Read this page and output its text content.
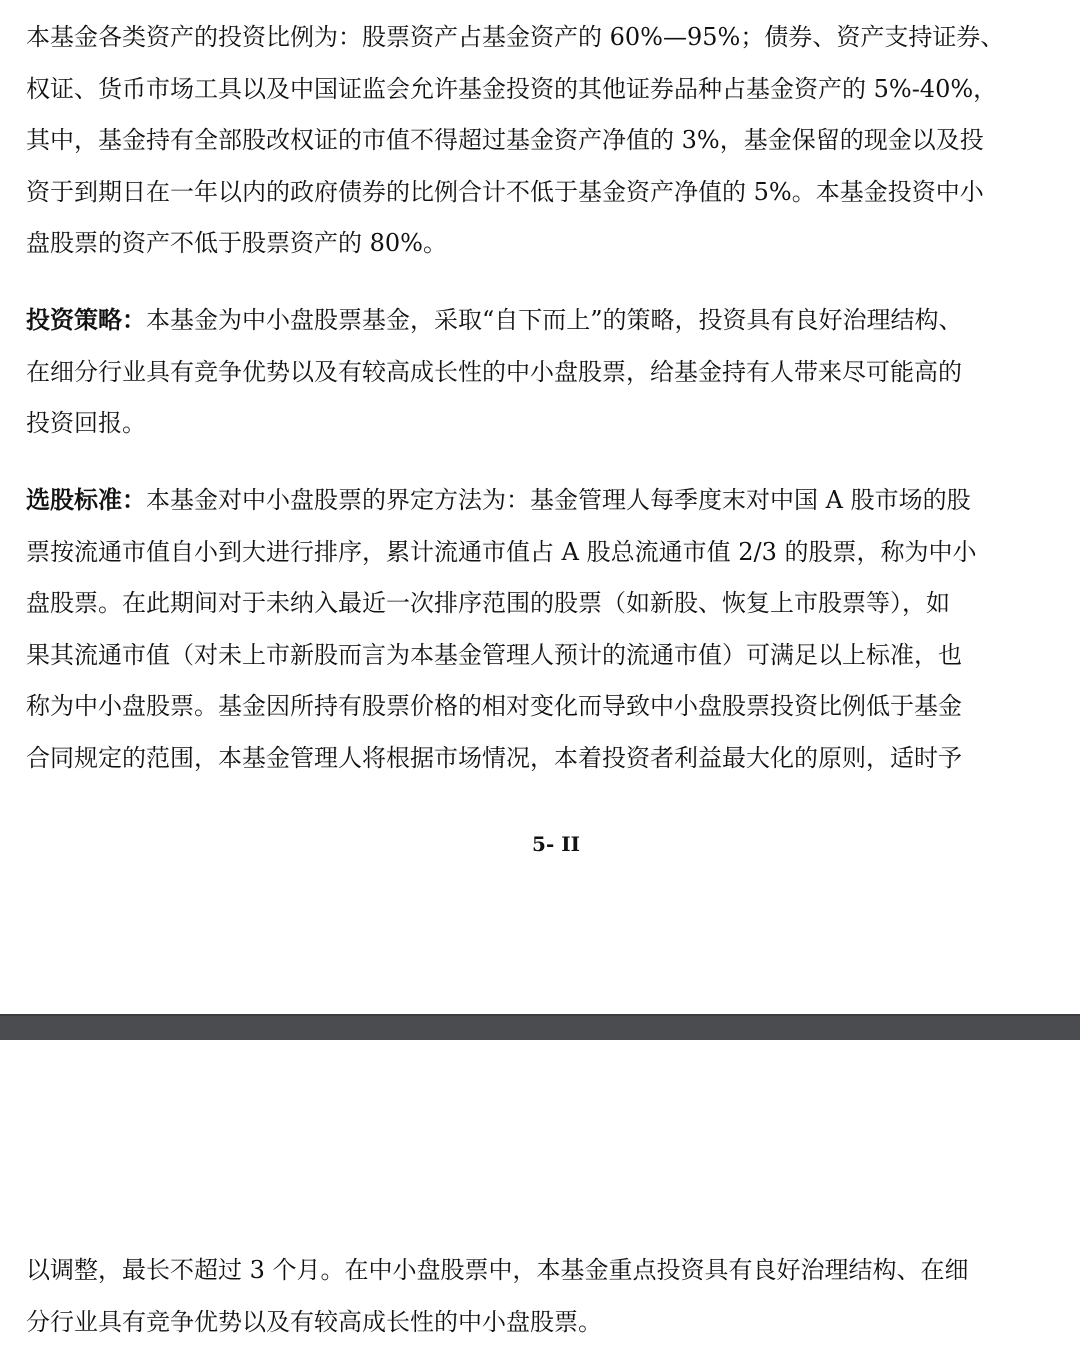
本基金各类资产的投资比例为：股票资产占基金资产的 60%—95%；债券、资产支持证券、
权证、货币市场工具以及中国证监会允许基金投资的其他证券品种占基金资产的 5%-40%，
其中，基金持有全部股改权证的市值不得超过基金资产净值的 3%，基金保留的现金以及投
资于到期日在一年以内的政府债券的比例合计不低于基金资产净值的 5%。本基金投资中小
盘股票的资产不低于股票资产的 80%。

投资策略：本基金为中小盘股票基金，采取“自下而上”的策略，投资具有良好治理结构、
在细分行业具有竞争优势以及有较高成长性的中小盘股票，给基金持有人带来尽可能高的
投资回报。

选股标准：本基金对中小盘股票的界定方法为：基金管理人每季度末对中国 A 股市场的股
票按流通市值自小到大进行排序，累计流通市值占 A 股总流通市值 2/3 的股票，称为中小
盘股票。在此期间对于未纳入最近一次排序范围的股票（如新股、恢复上市股票等），如
果其流通市值（对未上市新股而言为本基金管理人预计的流通市值）可满足以上标准，也
称为中小盘股票。基金因所持有股票价格的相对变化而导致中小盘股票投资比例低于基金
合同规定的范围，本基金管理人将根据市场情况，本着投资者利益最大化的原则，适时予

5- II

以调整，最长不超过 3 个月。在中小盘股票中，本基金重点投资具有良好治理结构、在细
分行业具有竞争优势以及有较高成长性的中小盘股票。
